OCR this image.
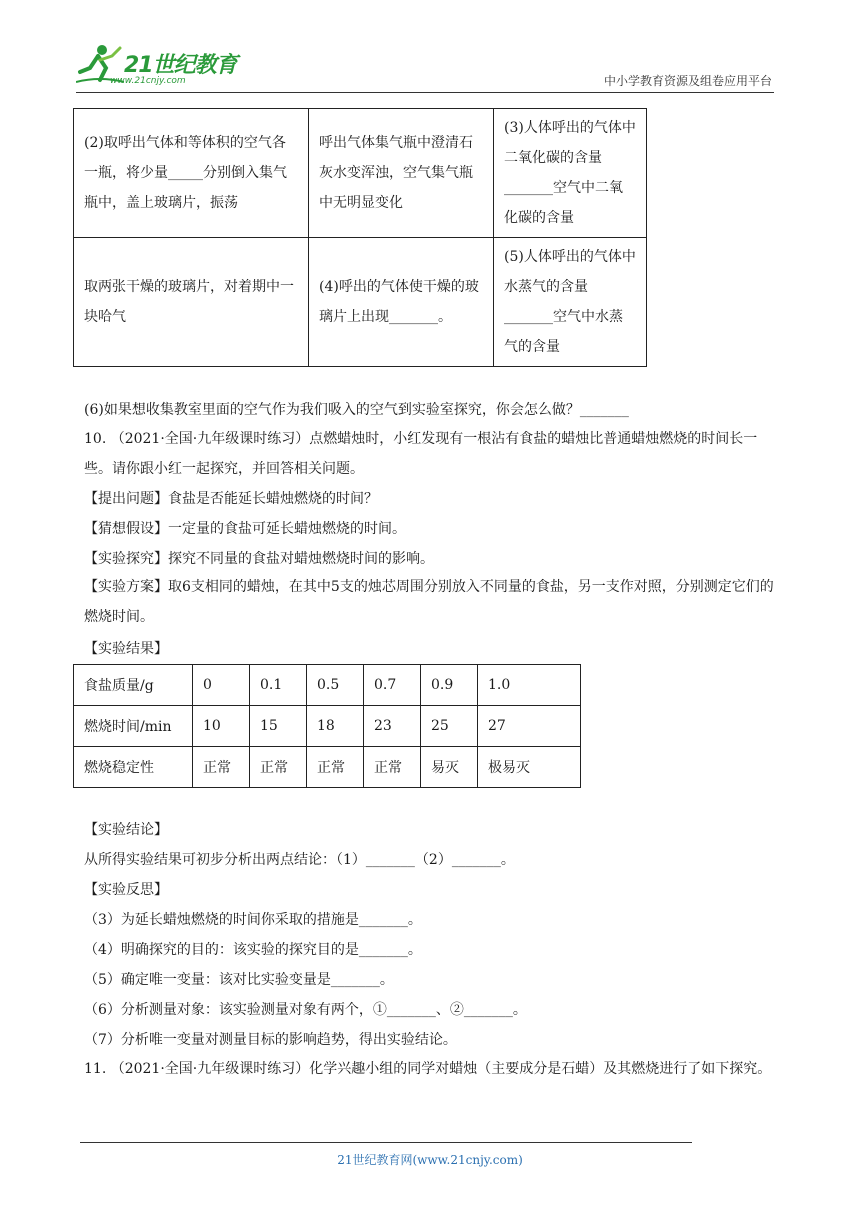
21世纪教育
www.21cnjy.com	中小学教育资源及组卷应用平台
(2)取呼出气体和等体积的空气各一瓶，将少量_____分别倒入集气瓶中，盖上玻璃片，振荡	呼出气体集气瓶中澄清石灰水变浑浊，空气集气瓶中无明显变化	(3)人体呼出的气体中二氧化碳的含量_______空气中二氧化碳的含量
取两张干燥的玻璃片，对着期中一块哈气	(4)呼出的气体使干燥的玻璃片上出现_______。	(5)人体呼出的气体中水蒸气的含量_______空气中水蒸气的含量
(6)如果想收集教室里面的空气作为我们吸入的空气到实验室探究，你会怎么做？_______
10. （2021·全国·九年级课时练习）点燃蜡烛时，小红发现有一根沾有食盐的蜡烛比普通蜡烛燃烧的时间长一些。请你跟小红一起探究，并回答相关问题。
【提出问题】食盐是否能延长蜡烛燃烧的时间？
【猜想假设】一定量的食盐可延长蜡烛燃烧的时间。
【实验探究】探究不同量的食盐对蜡烛燃烧时间的影响。
【实验方案】取6支相同的蜡烛，在其中5支的烛芯周围分别放入不同量的食盐，另一支作对照，分别测定它们的燃烧时间。
【实验结果】
食盐质量/g	0	0.1	0.5	0.7	0.9	1.0
燃烧时间/min	10	15	18	23	25	27
燃烧稳定性	正常	正常	正常	正常	易灭	极易灭
【实验结论】
从所得实验结果可初步分析出两点结论：（1）_______（2）_______。
【实验反思】
（3）为延长蜡烛燃烧的时间你采取的措施是_______。
（4）明确探究的目的：该实验的探究目的是_______。
（5）确定唯一变量：该对比实验变量是_______。
（6）分析测量对象：该实验测量对象有两个，①_______、②_______。
（7）分析唯一变量对测量目标的影响趋势，得出实验结论。
11. （2021·全国·九年级课时练习）化学兴趣小组的同学对蜡烛（主要成分是石蜡）及其燃烧进行了如下探究。
21世纪教育网(www.21cnjy.com)
